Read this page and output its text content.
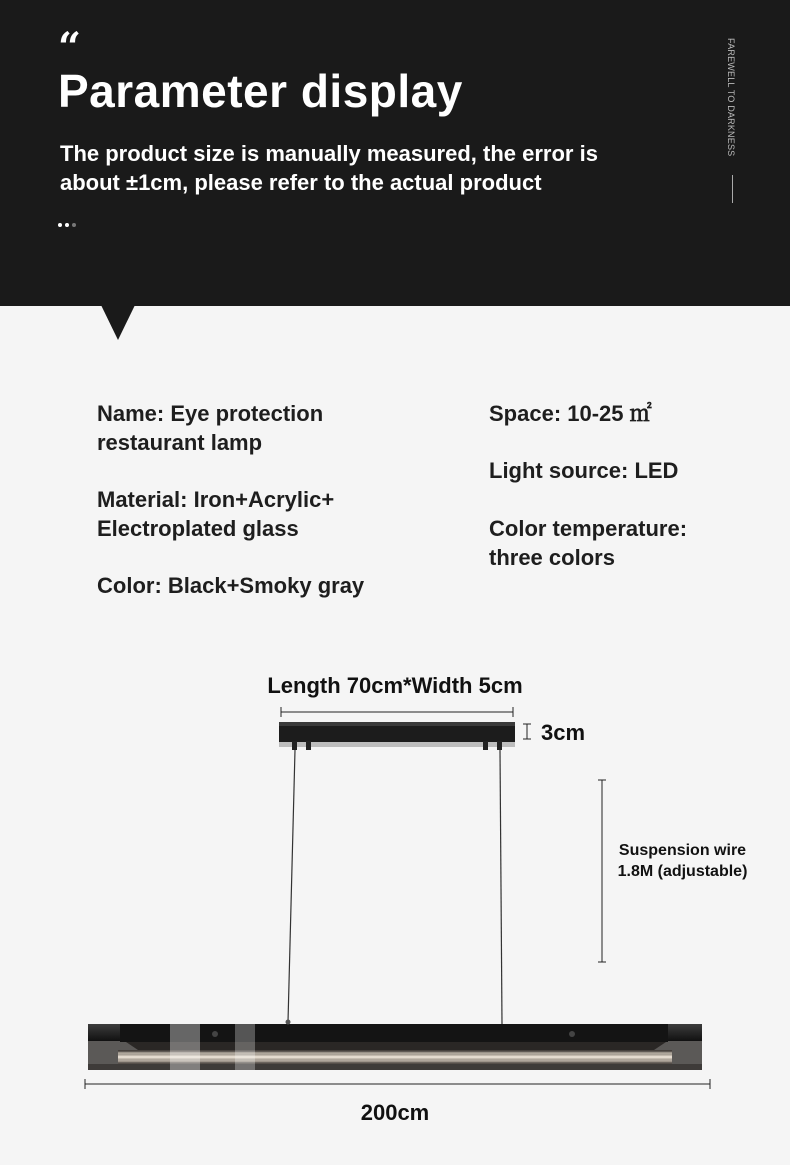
“
Parameter display

The product size is manually measured, the error is
about ±1cm, please refer to the actual product

FAREWELL TO DARKNESS

Name: Eye protection
restaurant lamp

Material: Iron+Acrylic+
Electroplated glass

Color: Black+Smoky gray

Space: 10-25 ㎡

Light source: LED

Color temperature:
three colors

Length 70cm*Width 5cm
3cm
Suspension wire
1.8M (adjustable)
200cm
